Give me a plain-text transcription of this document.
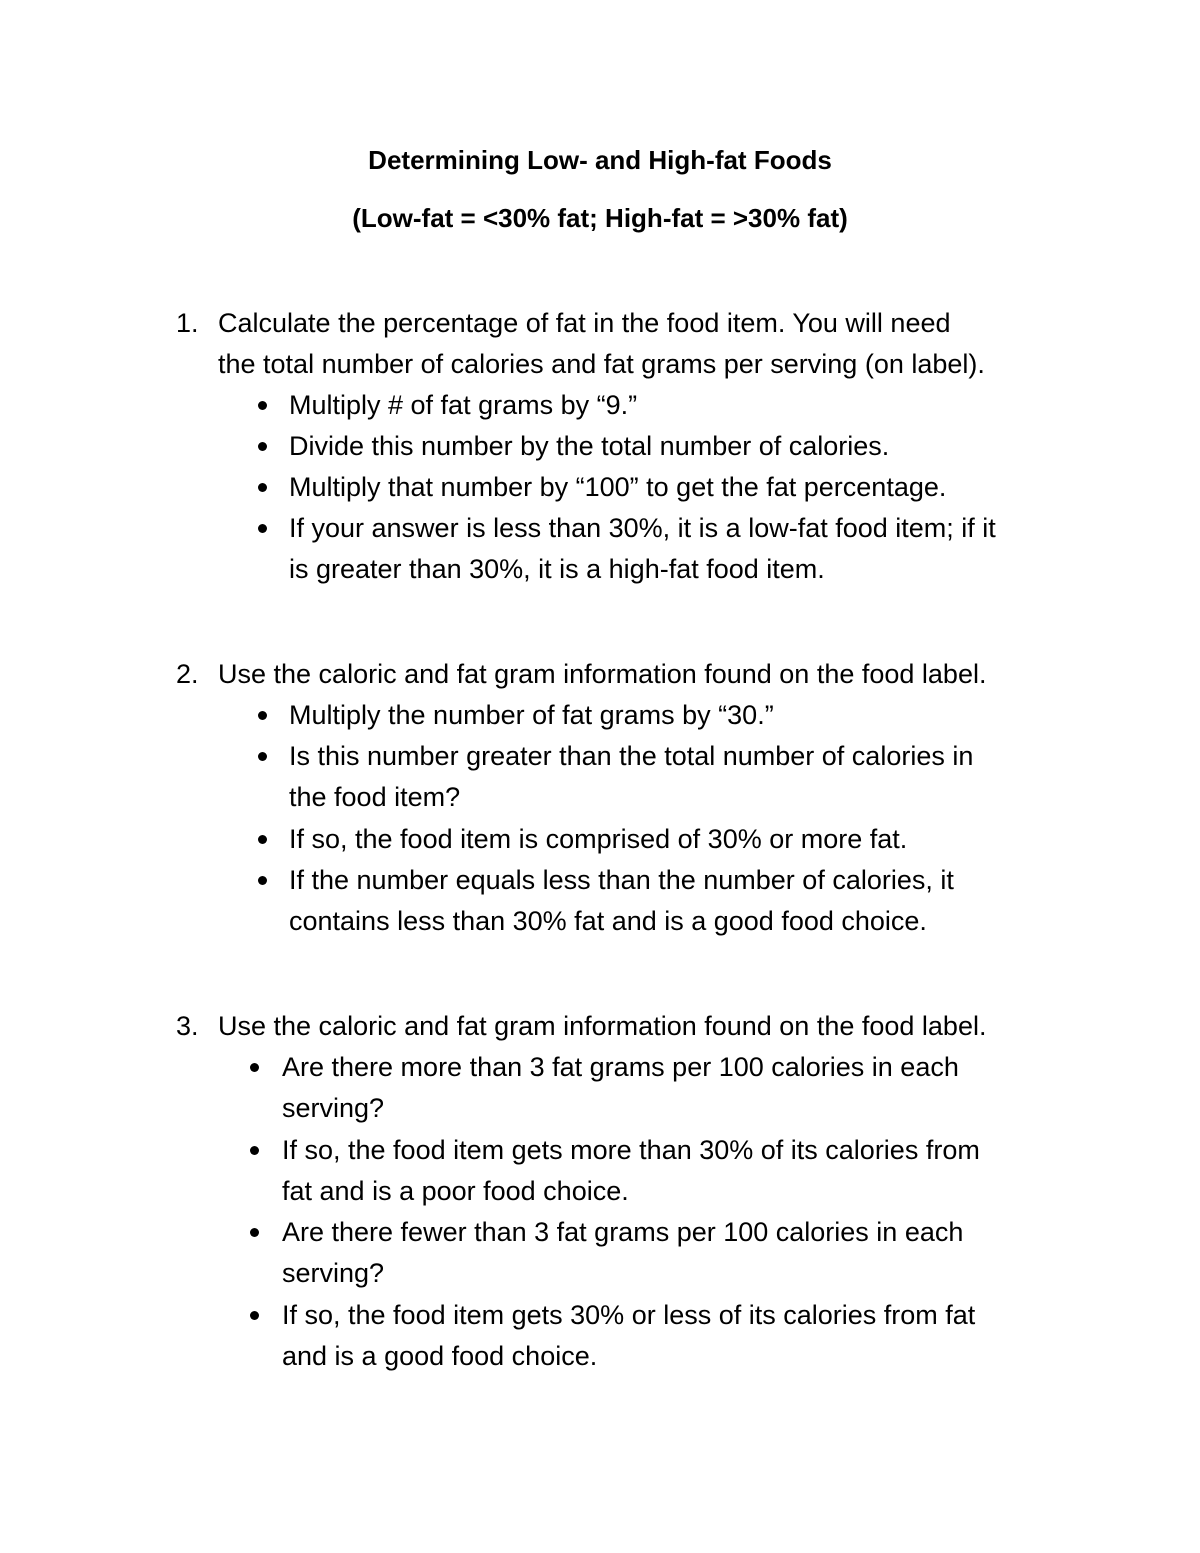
Determining Low- and High-fat Foods
(Low-fat = <30% fat; High-fat = >30% fat)
1. Calculate the percentage of fat in the food item. You will need
the total number of calories and fat grams per serving (on label).
Multiply # of fat grams by “9.”
Divide this number by the total number of calories.
Multiply that number by “100” to get the fat percentage.
If your answer is less than 30%, it is a low-fat food item; if it
is greater than 30%, it is a high-fat food item.
2. Use the caloric and fat gram information found on the food label.
Multiply the number of fat grams by “30.”
Is this number greater than the total number of calories in
the food item?
If so, the food item is comprised of 30% or more fat.
If the number equals less than the number of calories, it
contains less than 30% fat and is a good food choice.
3. Use the caloric and fat gram information found on the food label.
Are there more than 3 fat grams per 100 calories in each
serving?
If so, the food item gets more than 30% of its calories from
fat and is a poor food choice.
Are there fewer than 3 fat grams per 100 calories in each
serving?
If so, the food item gets 30% or less of its calories from fat
and is a good food choice.
